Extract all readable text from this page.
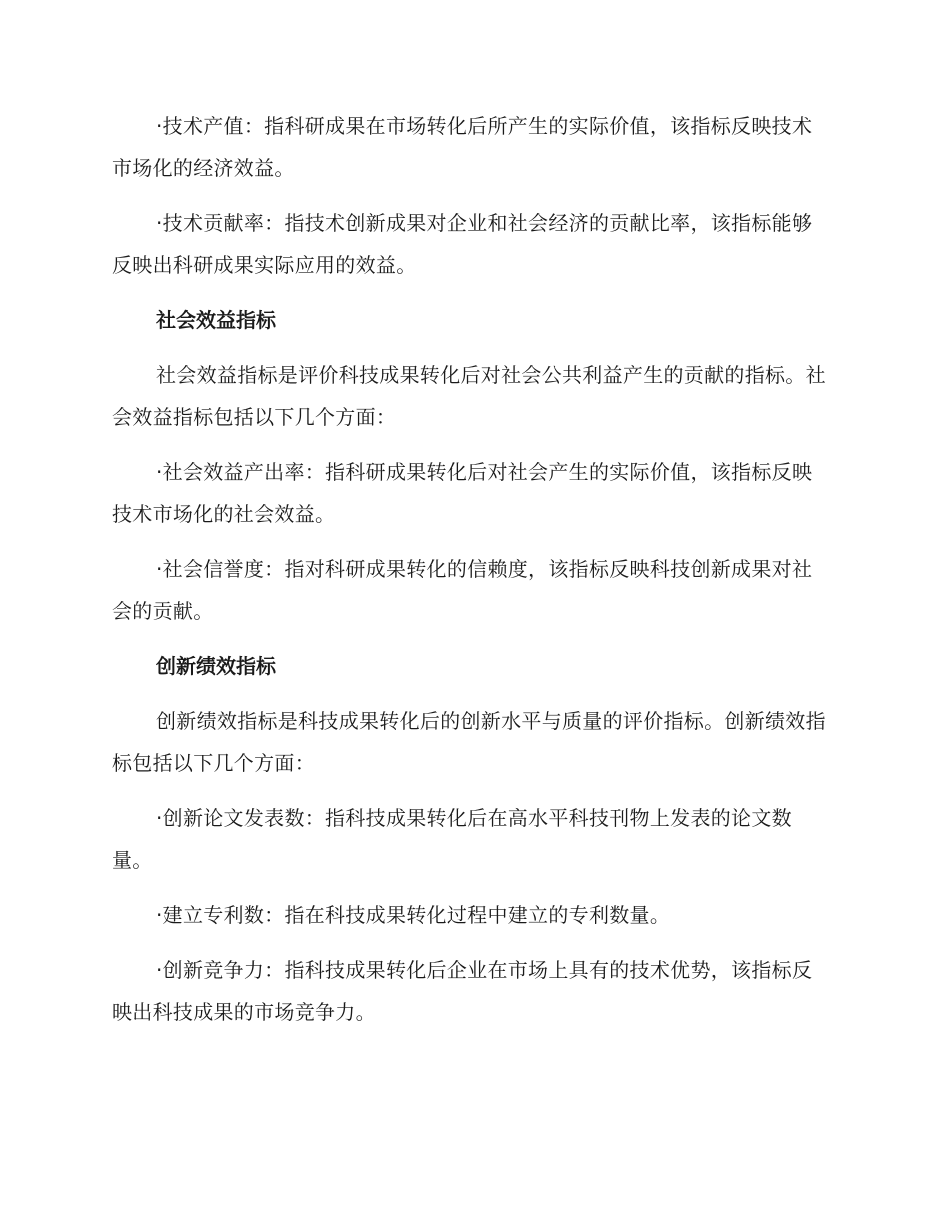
·技术产值：指科研成果在市场转化后所产生的实际价值，该指标反映技术市场化的经济效益。

·技术贡献率：指技术创新成果对企业和社会经济的贡献比率，该指标能够反映出科研成果实际应用的效益。

社会效益指标

社会效益指标是评价科技成果转化后对社会公共利益产生的贡献的指标。社会效益指标包括以下几个方面：

·社会效益产出率：指科研成果转化后对社会产生的实际价值，该指标反映技术市场化的社会效益。

·社会信誉度：指对科研成果转化的信赖度，该指标反映科技创新成果对社会的贡献。

创新绩效指标

创新绩效指标是科技成果转化后的创新水平与质量的评价指标。创新绩效指标包括以下几个方面：

·创新论文发表数：指科技成果转化后在高水平科技刊物上发表的论文数量。

·建立专利数：指在科技成果转化过程中建立的专利数量。

·创新竞争力：指科技成果转化后企业在市场上具有的技术优势，该指标反映出科技成果的市场竞争力。
